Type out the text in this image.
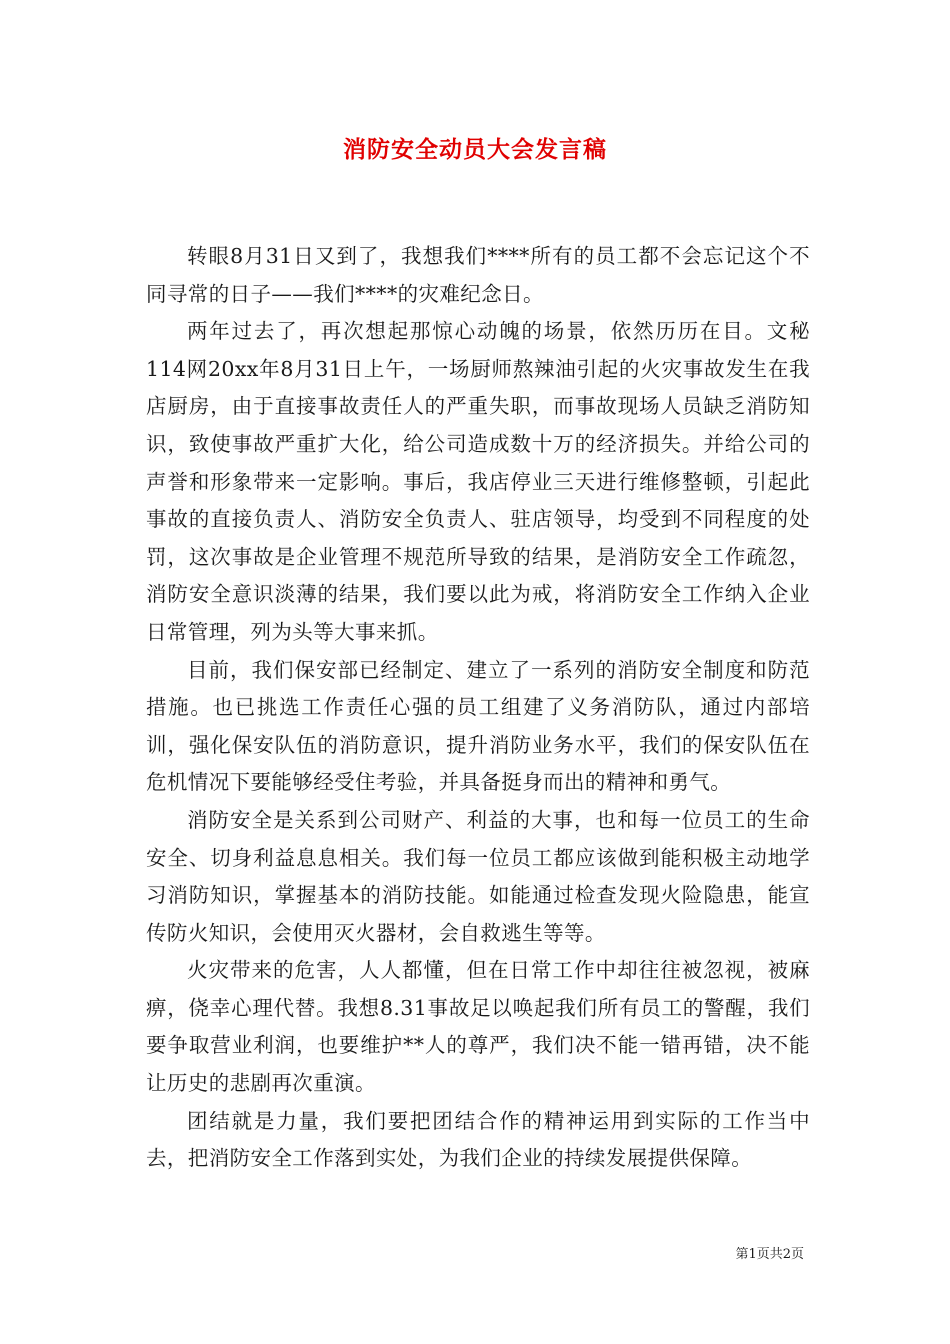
消防安全动员大会发言稿

转眼8月31日又到了，我想我们****所有的员工都不会忘记这个不同寻常的日子——我们****的灾难纪念日。

两年过去了，再次想起那惊心动魄的场景，依然历历在目。文秘114网20xx年8月31日上午，一场厨师熬辣油引起的火灾事故发生在我店厨房，由于直接事故责任人的严重失职，而事故现场人员缺乏消防知识，致使事故严重扩大化，给公司造成数十万的经济损失。并给公司的声誉和形象带来一定影响。事后，我店停业三天进行维修整顿，引起此事故的直接负责人、消防安全负责人、驻店领导，均受到不同程度的处罚，这次事故是企业管理不规范所导致的结果，是消防安全工作疏忽，消防安全意识淡薄的结果，我们要以此为戒，将消防安全工作纳入企业日常管理，列为头等大事来抓。

目前，我们保安部已经制定、建立了一系列的消防安全制度和防范措施。也已挑选工作责任心强的员工组建了义务消防队，通过内部培训，强化保安队伍的消防意识，提升消防业务水平，我们的保安队伍在危机情况下要能够经受住考验，并具备挺身而出的精神和勇气。

消防安全是关系到公司财产、利益的大事，也和每一位员工的生命安全、切身利益息息相关。我们每一位员工都应该做到能积极主动地学习消防知识，掌握基本的消防技能。如能通过检查发现火险隐患，能宣传防火知识，会使用灭火器材，会自救逃生等等。

火灾带来的危害，人人都懂，但在日常工作中却往往被忽视，被麻痹，侥幸心理代替。我想8.31事故足以唤起我们所有员工的警醒，我们要争取营业利润，也要维护**人的尊严，我们决不能一错再错，决不能让历史的悲剧再次重演。

团结就是力量，我们要把团结合作的精神运用到实际的工作当中去，把消防安全工作落到实处，为我们企业的持续发展提供保障。

第1页共2页
